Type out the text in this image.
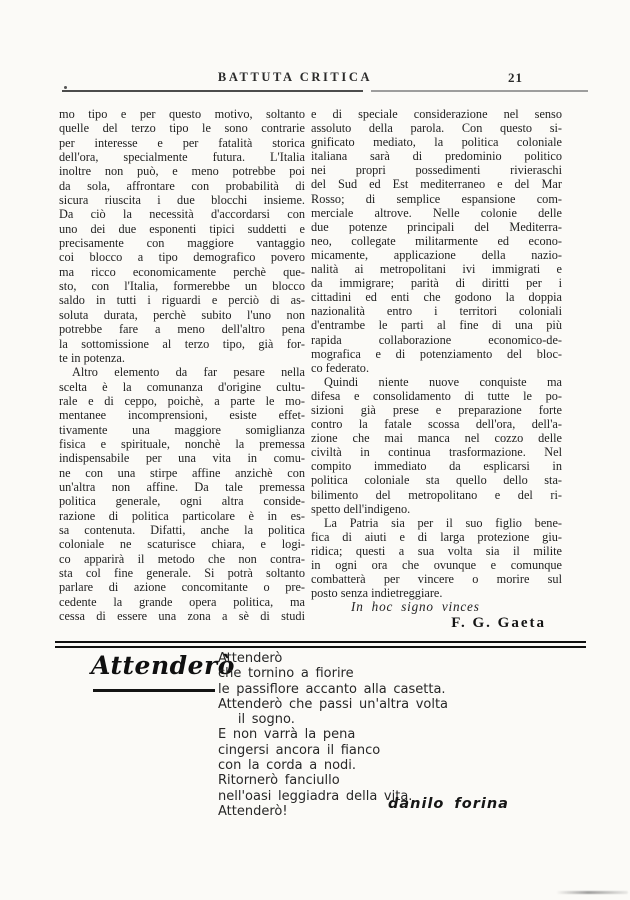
BATTUTA CRITICA	21
mo tipo e per questo motivo, soltanto
quelle del terzo tipo le sono contrarie
per interesse e per fatalità storica
dell'ora, specialmente futura. L'Italia
inoltre non può, e meno potrebbe poi
da sola, affrontare con probabilità di
sicura riuscita i due blocchi insieme.
Da ciò la necessità d'accordarsi con
uno dei due esponenti tipici suddetti e
precisamente con maggiore vantaggio
coi blocco a tipo demografico povero
ma ricco economicamente perchè que-
sto, con l'Italia, formerebbe un blocco
saldo in tutti i riguardi e perciò di as-
soluta durata, perchè subito l'uno non
potrebbe fare a meno dell'altro pena
la sottomissione al terzo tipo, già for-
te in potenza.
Altro elemento da far pesare nella
scelta è la comunanza d'origine cultu-
rale e di ceppo, poichè, a parte le mo-
mentanee incomprensioni, esiste effet-
tivamente una maggiore somiglianza
fisica e spirituale, nonchè la premessa
indispensabile per una vita in comu-
ne con una stirpe affine anzichè con
un'altra non affine. Da tale premessa
politica generale, ogni altra conside-
razione di politica particolare è in es-
sa contenuta. Difatti, anche la politica
coloniale ne scaturisce chiara, e logi-
co apparirà il metodo che non contra-
sta col fine generale. Si potrà soltanto
parlare di azione concomitante o pre-
cedente la grande opera politica, ma
cessa di essere una zona a sè di studi
e di speciale considerazione nel senso
assoluto della parola. Con questo si-
gnificato mediato, la politica coloniale
italiana sarà di predominio politico
nei propri possedimenti rivieraschi
del Sud ed Est mediterraneo e del Mar
Rosso; di semplice espansione com-
merciale altrove. Nelle colonie delle
due potenze principali del Mediterra-
neo, collegate militarmente ed econo-
micamente, applicazione della nazio-
nalità ai metropolitani ivi immigrati e
da immigrare; parità di diritti per i
cittadini ed enti che godono la doppia
nazionalità entro i territori coloniali
d'entrambe le parti al fine di una più
rapida collaborazione economico-de-
mografica e di potenziamento del bloc-
co federato.
Quindi niente nuove conquiste ma
difesa e consolidamento di tutte le po-
sizioni già prese e preparazione forte
contro la fatale scossa dell'ora, dell'a-
zione che mai manca nel cozzo delle
civiltà in continua trasformazione. Nel
compito immediato da esplicarsi in
politica coloniale sta quello dello sta-
bilimento del metropolitano e del ri-
spetto dell'indigeno.
La Patria sia per il suo figlio bene-
fica di aiuti e di larga protezione giu-
ridica; questi a sua volta sia il milite
in ogni ora che ovunque e comunque
combatterà per vincere o morire sul
posto senza indietreggiare.
In hoc signo vinces
F. G. Gaeta
Attenderò
Attenderò
che tornino a fiorire
le passiflore accanto alla casetta.
Attenderò che passi un'altra volta
il sogno.
E non varrà la pena
cingersi ancora il fianco
con la corda a nodi.
Ritornerò fanciullo
nell'oasi leggiadra della vita.
Attenderò!	danilo forina
